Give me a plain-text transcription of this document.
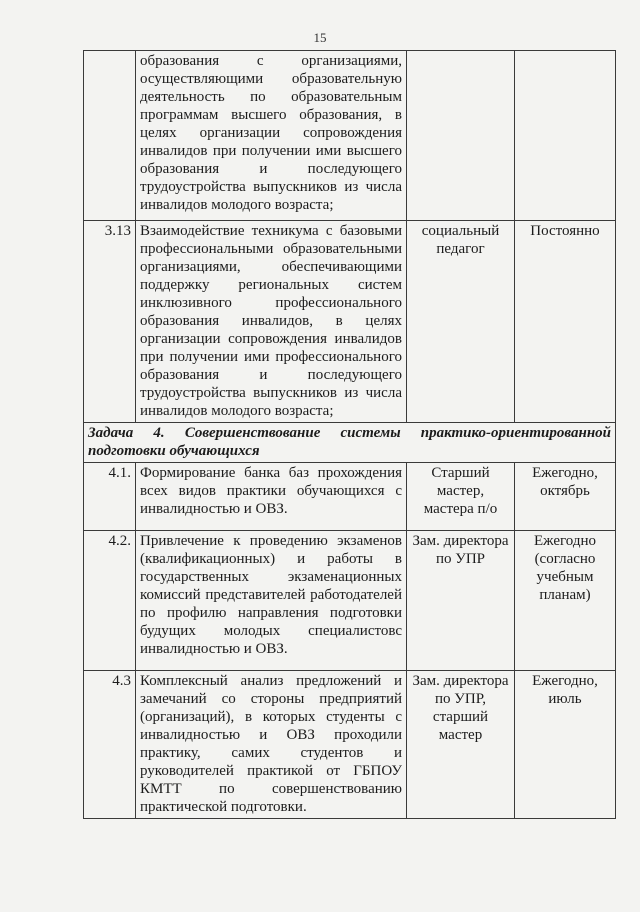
15
	образования с организациями, осуществляющими образовательную деятельность по образовательным программам высшего образования, в целях организации сопровождения инвалидов при получении ими высшего образования и последующего трудоустройства выпускников из числа инвалидов молодого возраста;		
3.13	Взаимодействие техникума с базовыми профессиональными образовательными организациями, обеспечивающими поддержку региональных систем инклюзивного профессионального образования инвалидов, в целях организации сопровождения инвалидов при получении ими профессионального образования и последующего трудоустройства выпускников из числа инвалидов молодого возраста;	социальный педагог	Постоянно
Задача 4. Совершенствование системы практико-ориентированной подготовки обучающихся			
4.1.	Формирование банка баз прохождения всех видов практики обучающихся с инвалидностью и ОВЗ.	Старший мастер, мастера п/о	Ежегодно, октябрь
4.2.	Привлечение к проведению экзаменов (квалификационных) и работы в государственных экзаменационных комиссий представителей работодателей по профилю направления подготовки будущих молодых специалистовс инвалидностью и ОВЗ.	Зам. директора по УПР	Ежегодно (согласно учебным планам)
4.3	Комплексный анализ предложений и замечаний со стороны предприятий (организаций), в которых студенты с инвалидностью и ОВЗ проходили практику, самих студентов и руководителей практикой от ГБПОУ КМТТ по совершенствованию практической подготовки.	Зам. директора по УПР, старший мастер	Ежегодно, июль
